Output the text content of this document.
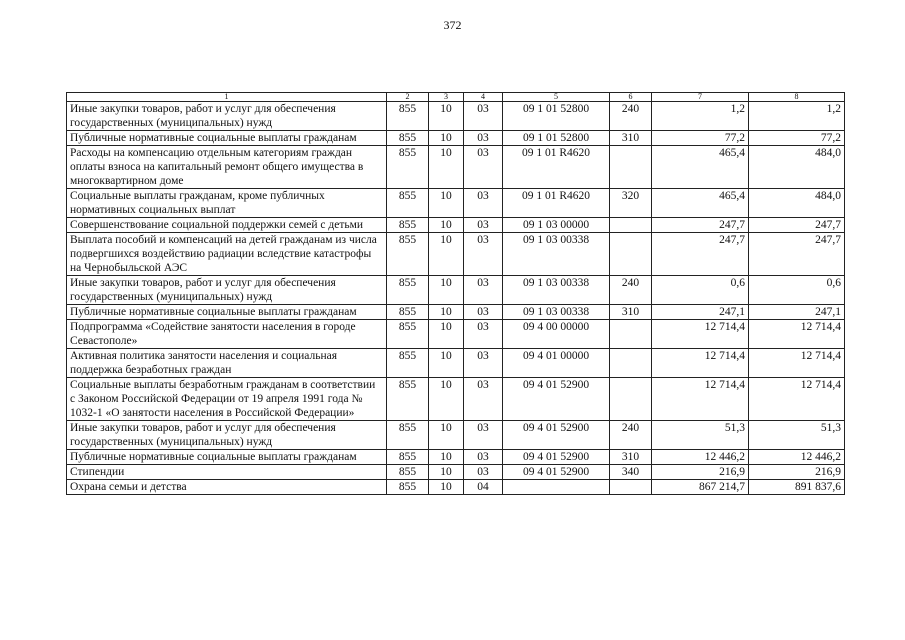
372
1	2	3	4	5	6	7	8
Иные закупки товаров, работ и услуг для обеспечения государственных (муниципальных) нужд	855	10	03	09 1 01 52800	240	1,2	1,2
Публичные нормативные социальные выплаты гражданам	855	10	03	09 1 01 52800	310	77,2	77,2
Расходы на компенсацию отдельным категориям граждан оплаты взноса на капитальный ремонт общего имущества в многоквартирном доме	855	10	03	09 1 01 R4620		465,4	484,0
Социальные выплаты гражданам, кроме публичных нормативных социальных выплат	855	10	03	09 1 01 R4620	320	465,4	484,0
Совершенствование социальной поддержки семей с детьми	855	10	03	09 1 03 00000		247,7	247,7
Выплата пособий и компенсаций на детей гражданам из числа подвергшихся воздействию радиации вследствие катастрофы на Чернобыльской АЭС	855	10	03	09 1 03 00338		247,7	247,7
Иные закупки товаров, работ и услуг для обеспечения государственных (муниципальных) нужд	855	10	03	09 1 03 00338	240	0,6	0,6
Публичные нормативные социальные выплаты гражданам	855	10	03	09 1 03 00338	310	247,1	247,1
Подпрограмма «Содействие занятости населения в городе Севастополе»	855	10	03	09 4 00 00000		12 714,4	12 714,4
Активная политика занятости населения и социальная поддержка безработных граждан	855	10	03	09 4 01 00000		12 714,4	12 714,4
Социальные выплаты безработным гражданам в соответствии с Законом Российской Федерации от 19 апреля 1991 года № 1032-1 «О занятости населения в Российской Федерации»	855	10	03	09 4 01 52900		12 714,4	12 714,4
Иные закупки товаров, работ и услуг для обеспечения государственных (муниципальных) нужд	855	10	03	09 4 01 52900	240	51,3	51,3
Публичные нормативные социальные выплаты гражданам	855	10	03	09 4 01 52900	310	12 446,2	12 446,2
Стипендии	855	10	03	09 4 01 52900	340	216,9	216,9
Охрана семьи и детства	855	10	04			867 214,7	891 837,6
